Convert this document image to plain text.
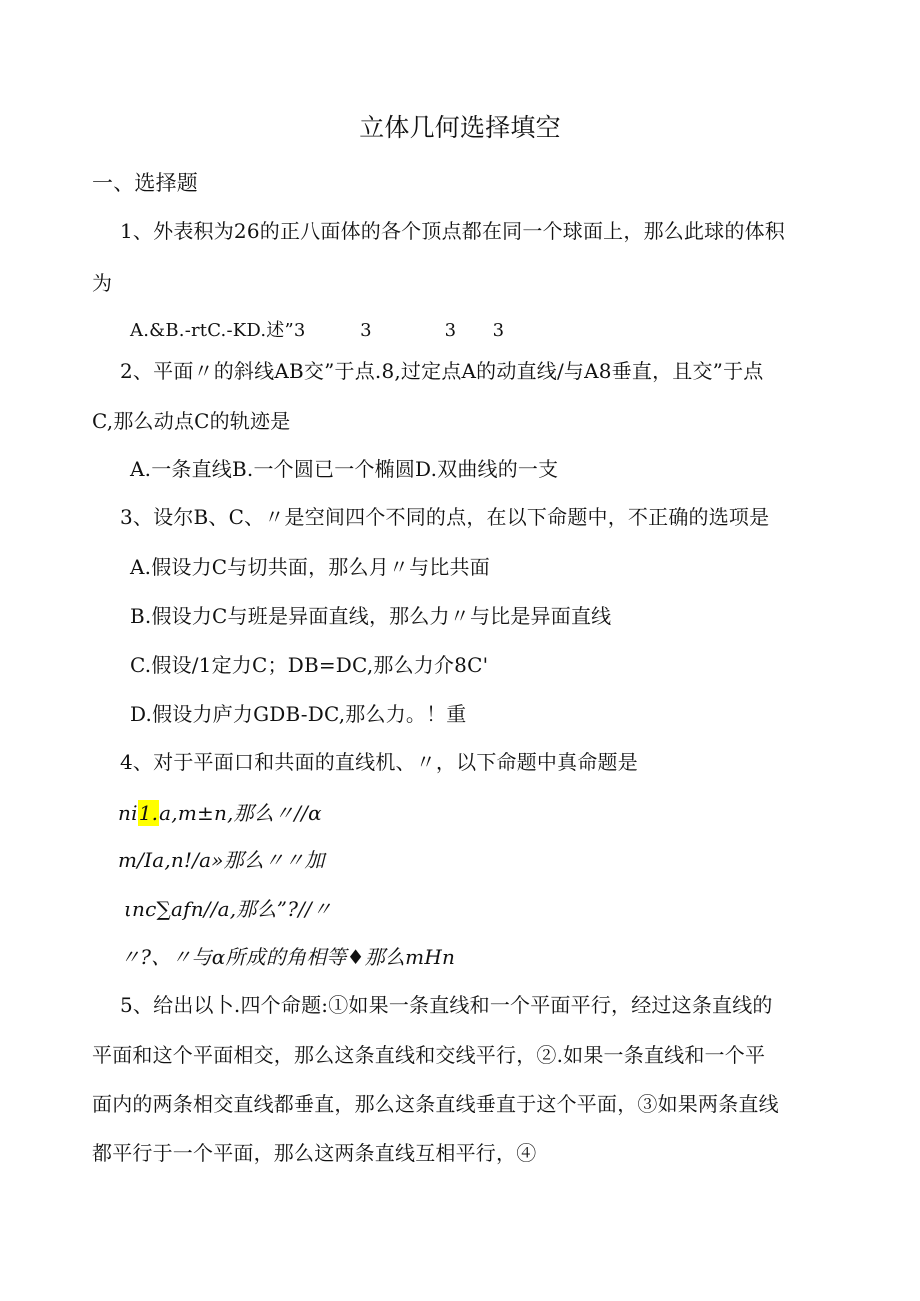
立体几何选择填空
一、选择题
1、外表积为26的正八面体的各个顶点都在同一个球面上，那么此球的体积
为
A.&B.-rtC.-KD.述”3　　　3　　　　3　　3
2、平面〃的斜线AB交”于点.8,过定点A的动直线/与A8垂直，且交”于点
C,那么动点C的轨迹是
A.一条直线B.一个圆已一个椭圆D.双曲线的一支
3、设尔B、C、〃是空间四个不同的点，在以下命题中，不正确的选项是
A.假设力C与切共面，那么月〃与比共面
B.假设力C与班是异面直线，那么力〃与比是异面直线
C.假设/1定力C；DB=DC,那么力介8C'
D.假设力庐力GDB-DC,那么力。！重
4、对于平面口和共面的直线机、〃，以下命题中真命题是
ni1.a,m±n,那么〃//α
m/Ia,n!/a»那么〃〃加
ιnc∑afn//a,那么”?//〃
〃?、〃与α所成的角相等♦那么mHn
5、给出以卜.四个命题:①如果一条直线和一个平面平行，经过这条直线的
平面和这个平面相交，那么这条直线和交线平行，②.如果一条直线和一个平
面内的两条相交直线都垂直，那么这条直线垂直于这个平面，③如果两条直线
都平行于一个平面，那么这两条直线互相平行，④
